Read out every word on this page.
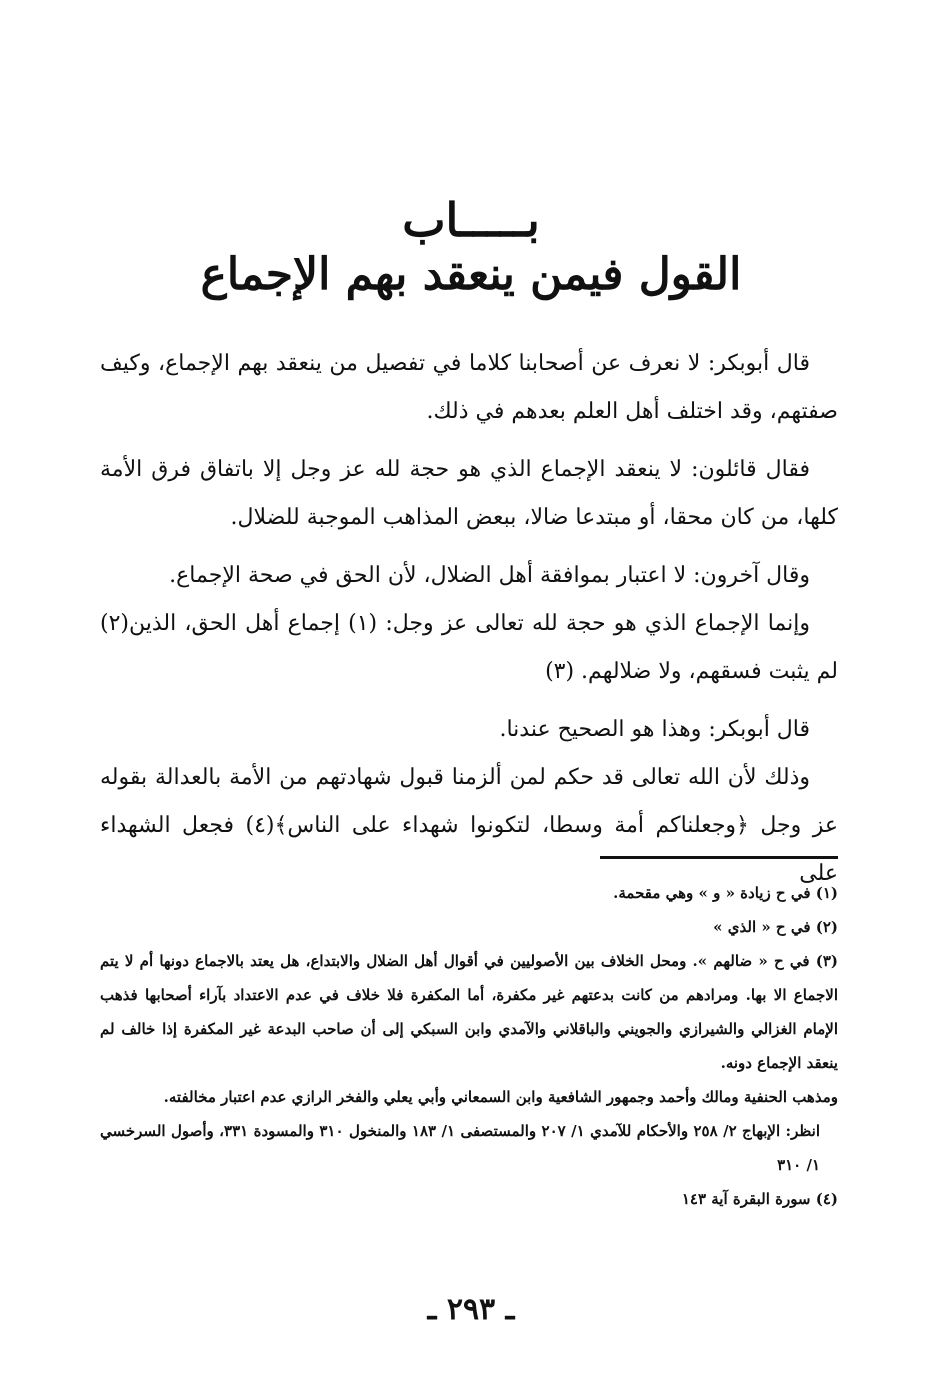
بـــــاب
القول فيمن ينعقد بهم الإجماع

قال أبوبكر: لا نعرف عن أصحابنا كلاما في تفصيل من ينعقد بهم الإجماع، وكيف صفتهم، وقد اختلف أهل العلم بعدهم في ذلك.

فقال قائلون: لا ينعقد الإجماع الذي هو حجة لله عز وجل إلا باتفاق فرق الأمة كلها، من كان محقا، أو مبتدعا ضالا، ببعض المذاهب الموجبة للضلال.

وقال آخرون: لا اعتبار بموافقة أهل الضلال، لأن الحق في صحة الإجماع.

وإنما الإجماع الذي هو حجة لله تعالى عز وجل: (١) إجماع أهل الحق، الذين(٢) لم يثبت فسقهم، ولا ضلالهم. (٣)

قال أبوبكر: وهذا هو الصحيح عندنا.

وذلك لأن الله تعالى قد حكم لمن ألزمنا قبول شهادتهم من الأمة بالعدالة بقوله عز وجل ﴿وجعلناكم أمة وسطا، لتكونوا شهداء على الناس﴾(٤) فجعل الشهداء على

(١) في ح زيادة « و » وهي مقحمة.

(٢) في ح « الذي »

(٣) في ح « ضالهم ». ومحل الخلاف بين الأصوليين في أقوال أهل الضلال والابتداع، هل يعتد بالاجماع دونها أم لا يتم الاجماع الا بها. ومرادهم من كانت بدعتهم غير مكفرة، أما المكفرة فلا خلاف في عدم الاعتداد بآراء أصحابها فذهب الإمام الغزالي والشيرازي والجويني والباقلاني والآمدي وابن السبكي إلى أن صاحب البدعة غير المكفرة إذا خالف لم ينعقد الإجماع دونه.

ومذهب الحنفية ومالك وأحمد وجمهور الشافعية وابن السمعاني وأبي يعلي والفخر الرازي عدم اعتبار مخالفته.

انظر: الإبهاج ٢/ ٢٥٨ والأحكام للآمدي ١/ ٢٠٧ والمستصفى ١/ ١٨٣ والمنخول ٣١٠ والمسودة ٣٣١، وأصول السرخسي ١/ ٣١٠

(٤) سورة البقرة آية ١٤٣

ـ ٢٩٣ ـ
